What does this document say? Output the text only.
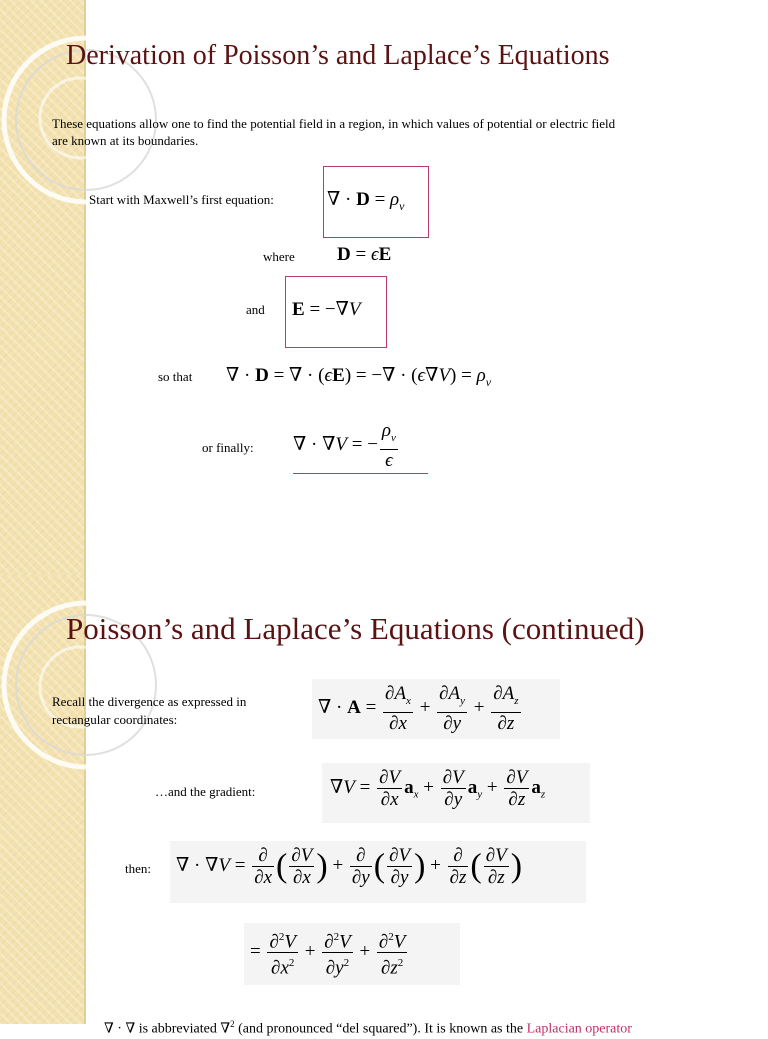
Derivation of Poisson’s and Laplace’s Equations
These equations allow one to find the potential field in a region, in which values of potential or electric field
are known at its boundaries.
Start with Maxwell’s first equation:	∇ · $D = \rho_v$
where D = ϵE
and E = −∇V
so that ∇ · D = ∇ · (ϵE) = −∇ · $(\epsilon\nabla V) = \rho_v$
or finally: ∇ · ∇V = − $\frac{\rho_v}{\epsilon}$
Poisson’s and Laplace’s Equations (continued)
Recall the divergence as expressed in
rectangular coordinates:
∇ · $A = \frac{\partial A_x}{\partial x} + \frac{\partial A_y}{\partial y} + \frac{\partial A_z}{\partial z}$
…and the gradient:	$\nabla V = \frac{\partial V}{\partial x} a_x + \frac{\partial V}{\partial y} a_y + \frac{\partial V}{\partial z} a_z$
then: ∇ · $\nabla V = \frac{\partial}{\partial x}$ ( $\frac{\partial V}{\partial x}$ ) + $\frac{\partial}{\partial y}$ ( $\frac{\partial V}{\partial y}$ ) + $\frac{\partial}{\partial z}$ ( $\frac{\partial V}{\partial z}$ )
= $\frac{\partial^2V}{\partial x^2} + \frac{\partial^2V}{\partial y^2} + \frac{\partial^2V}{\partial z^2}$
∇ · ∇ is abbreviated ∇$^2$ (and pronounced “del squared”). It is known as the Laplacian operator
